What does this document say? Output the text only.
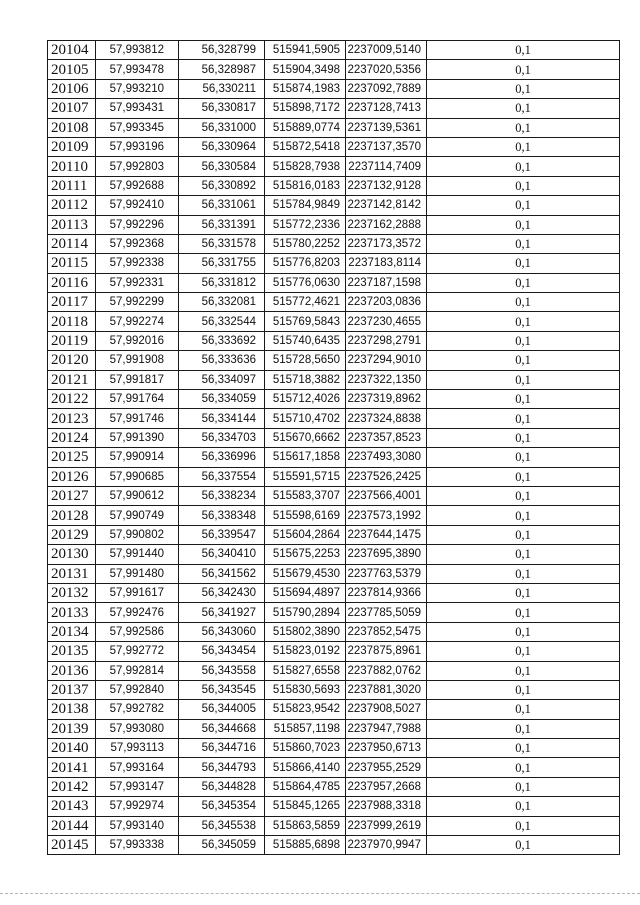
20104	57,993812	56,328799	515941,5905	2237009,5140	0,1
20105	57,993478	56,328987	515904,3498	2237020,5356	0,1
20106	57,993210	56,330211	515874,1983	2237092,7889	0,1
20107	57,993431	56,330817	515898,7172	2237128,7413	0,1
20108	57,993345	56,331000	515889,0774	2237139,5361	0,1
20109	57,993196	56,330964	515872,5418	2237137,3570	0,1
20110	57,992803	56,330584	515828,7938	2237114,7409	0,1
20111	57,992688	56,330892	515816,0183	2237132,9128	0,1
20112	57,992410	56,331061	515784,9849	2237142,8142	0,1
20113	57,992296	56,331391	515772,2336	2237162,2888	0,1
20114	57,992368	56,331578	515780,2252	2237173,3572	0,1
20115	57,992338	56,331755	515776,8203	2237183,8114	0,1
20116	57,992331	56,331812	515776,0630	2237187,1598	0,1
20117	57,992299	56,332081	515772,4621	2237203,0836	0,1
20118	57,992274	56,332544	515769,5843	2237230,4655	0,1
20119	57,992016	56,333692	515740,6435	2237298,2791	0,1
20120	57,991908	56,333636	515728,5650	2237294,9010	0,1
20121	57,991817	56,334097	515718,3882	2237322,1350	0,1
20122	57,991764	56,334059	515712,4026	2237319,8962	0,1
20123	57,991746	56,334144	515710,4702	2237324,8838	0,1
20124	57,991390	56,334703	515670,6662	2237357,8523	0,1
20125	57,990914	56,336996	515617,1858	2237493,3080	0,1
20126	57,990685	56,337554	515591,5715	2237526,2425	0,1
20127	57,990612	56,338234	515583,3707	2237566,4001	0,1
20128	57,990749	56,338348	515598,6169	2237573,1992	0,1
20129	57,990802	56,339547	515604,2864	2237644,1475	0,1
20130	57,991440	56,340410	515675,2253	2237695,3890	0,1
20131	57,991480	56,341562	515679,4530	2237763,5379	0,1
20132	57,991617	56,342430	515694,4897	2237814,9366	0,1
20133	57,992476	56,341927	515790,2894	2237785,5059	0,1
20134	57,992586	56,343060	515802,3890	2237852,5475	0,1
20135	57,992772	56,343454	515823,0192	2237875,8961	0,1
20136	57,992814	56,343558	515827,6558	2237882,0762	0,1
20137	57,992840	56,343545	515830,5693	2237881,3020	0,1
20138	57,992782	56,344005	515823,9542	2237908,5027	0,1
20139	57,993080	56,344668	515857,1198	2237947,7988	0,1
20140	57,993113	56,344716	515860,7023	2237950,6713	0,1
20141	57,993164	56,344793	515866,4140	2237955,2529	0,1
20142	57,993147	56,344828	515864,4785	2237957,2668	0,1
20143	57,992974	56,345354	515845,1265	2237988,3318	0,1
20144	57,993140	56,345538	515863,5859	2237999,2619	0,1
20145	57,993338	56,345059	515885,6898	2237970,9947	0,1
